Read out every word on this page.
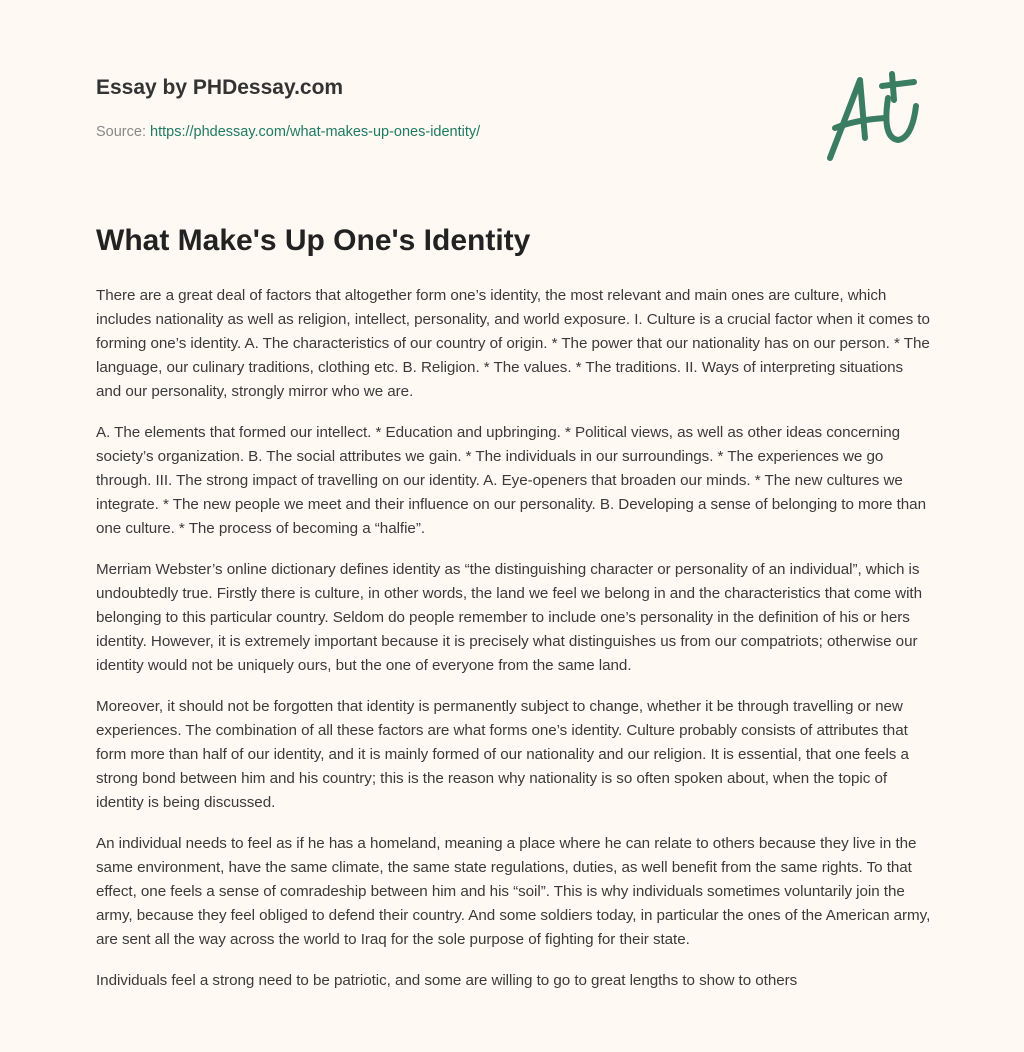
Essay by PHDessay.com
Source: https://phdessay.com/what-makes-up-ones-identity/
What Make's Up One's Identity

There are a great deal of factors that altogether form one’s identity, the most relevant and main ones are culture, which includes nationality as well as religion, intellect, personality, and world exposure. I. Culture is a crucial factor when it comes to forming one’s identity. A. The characteristics of our country of origin. * The power that our nationality has on our person. * The language, our culinary traditions, clothing etc. B. Religion. * The values. * The traditions. II. Ways of interpreting situations and our personality, strongly mirror who we are.

A. The elements that formed our intellect. * Education and upbringing. * Political views, as well as other ideas concerning society’s organization. B. The social attributes we gain. * The individuals in our surroundings. * The experiences we go through. III. The strong impact of travelling on our identity. A. Eye-openers that broaden our minds. * The new cultures we integrate. * The new people we meet and their influence on our personality. B. Developing a sense of belonging to more than one culture. * The process of becoming a “halfie”.

Merriam Webster’s online dictionary defines identity as “the distinguishing character or personality of an individual”, which is undoubtedly true. Firstly there is culture, in other words, the land we feel we belong in and the characteristics that come with belonging to this particular country. Seldom do people remember to include one’s personality in the definition of his or hers identity. However, it is extremely important because it is precisely what distinguishes us from our compatriots; otherwise our identity would not be uniquely ours, but the one of everyone from the same land.

Moreover, it should not be forgotten that identity is permanently subject to change, whether it be through travelling or new experiences. The combination of all these factors are what forms one’s identity. Culture probably consists of attributes that form more than half of our identity, and it is mainly formed of our nationality and our religion. It is essential, that one feels a strong bond between him and his country; this is the reason why nationality is so often spoken about, when the topic of identity is being discussed.

An individual needs to feel as if he has a homeland, meaning a place where he can relate to others because they live in the same environment, have the same climate, the same state regulations, duties, as well benefit from the same rights. To that effect, one feels a sense of comradeship between him and his “soil”. This is why individuals sometimes voluntarily join the army, because they feel obliged to defend their country. And some soldiers today, in particular the ones of the American army, are sent all the way across the world to Iraq for the sole purpose of fighting for their state.

Individuals feel a strong need to be patriotic, and some are willing to go to great lengths to show to others
